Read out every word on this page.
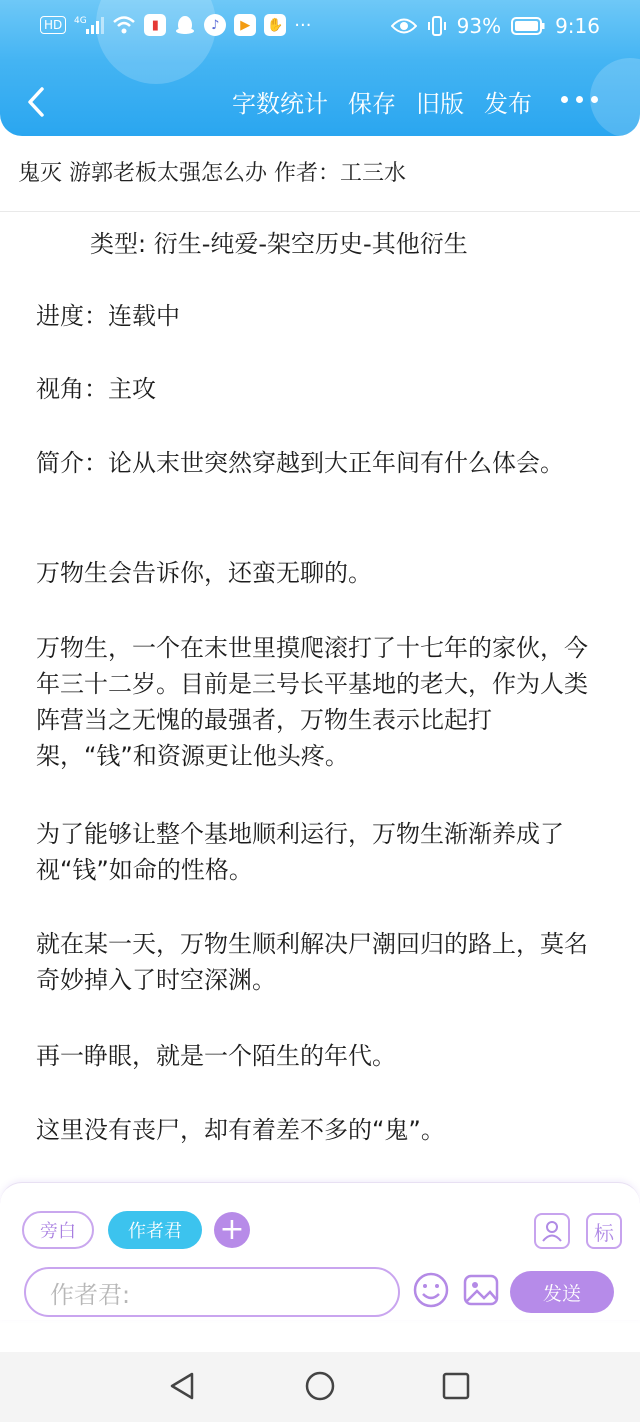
HD	4G	▮	♪	▶	✋ ···	93%	9:16
字数统计 保存 旧版 发布
鬼灭 游郭老板太强怎么办 作者：工三水
类型: 衍生-纯爱-架空历史-其他衍生
进度：连载中
视角：主攻
简介：论从末世突然穿越到大正年间有什么体会。
万物生会告诉你，还蛮无聊的。
万物生，一个在末世里摸爬滚打了十七年的家伙，今年三十二岁。目前是三号长平基地的老大，作为人类阵营当之无愧的最强者，万物生表示比起打架，“钱”和资源更让他头疼。
为了能够让整个基地顺利运行，万物生渐渐养成了视“钱”如命的性格。
就在某一天，万物生顺利解决尸潮回归的路上，莫名奇妙掉入了时空深渊。
再一睁眼，就是一个陌生的年代。
这里没有丧尸，却有着差不多的“鬼”。
旁白	作者君	+	标
作者君:	发送
